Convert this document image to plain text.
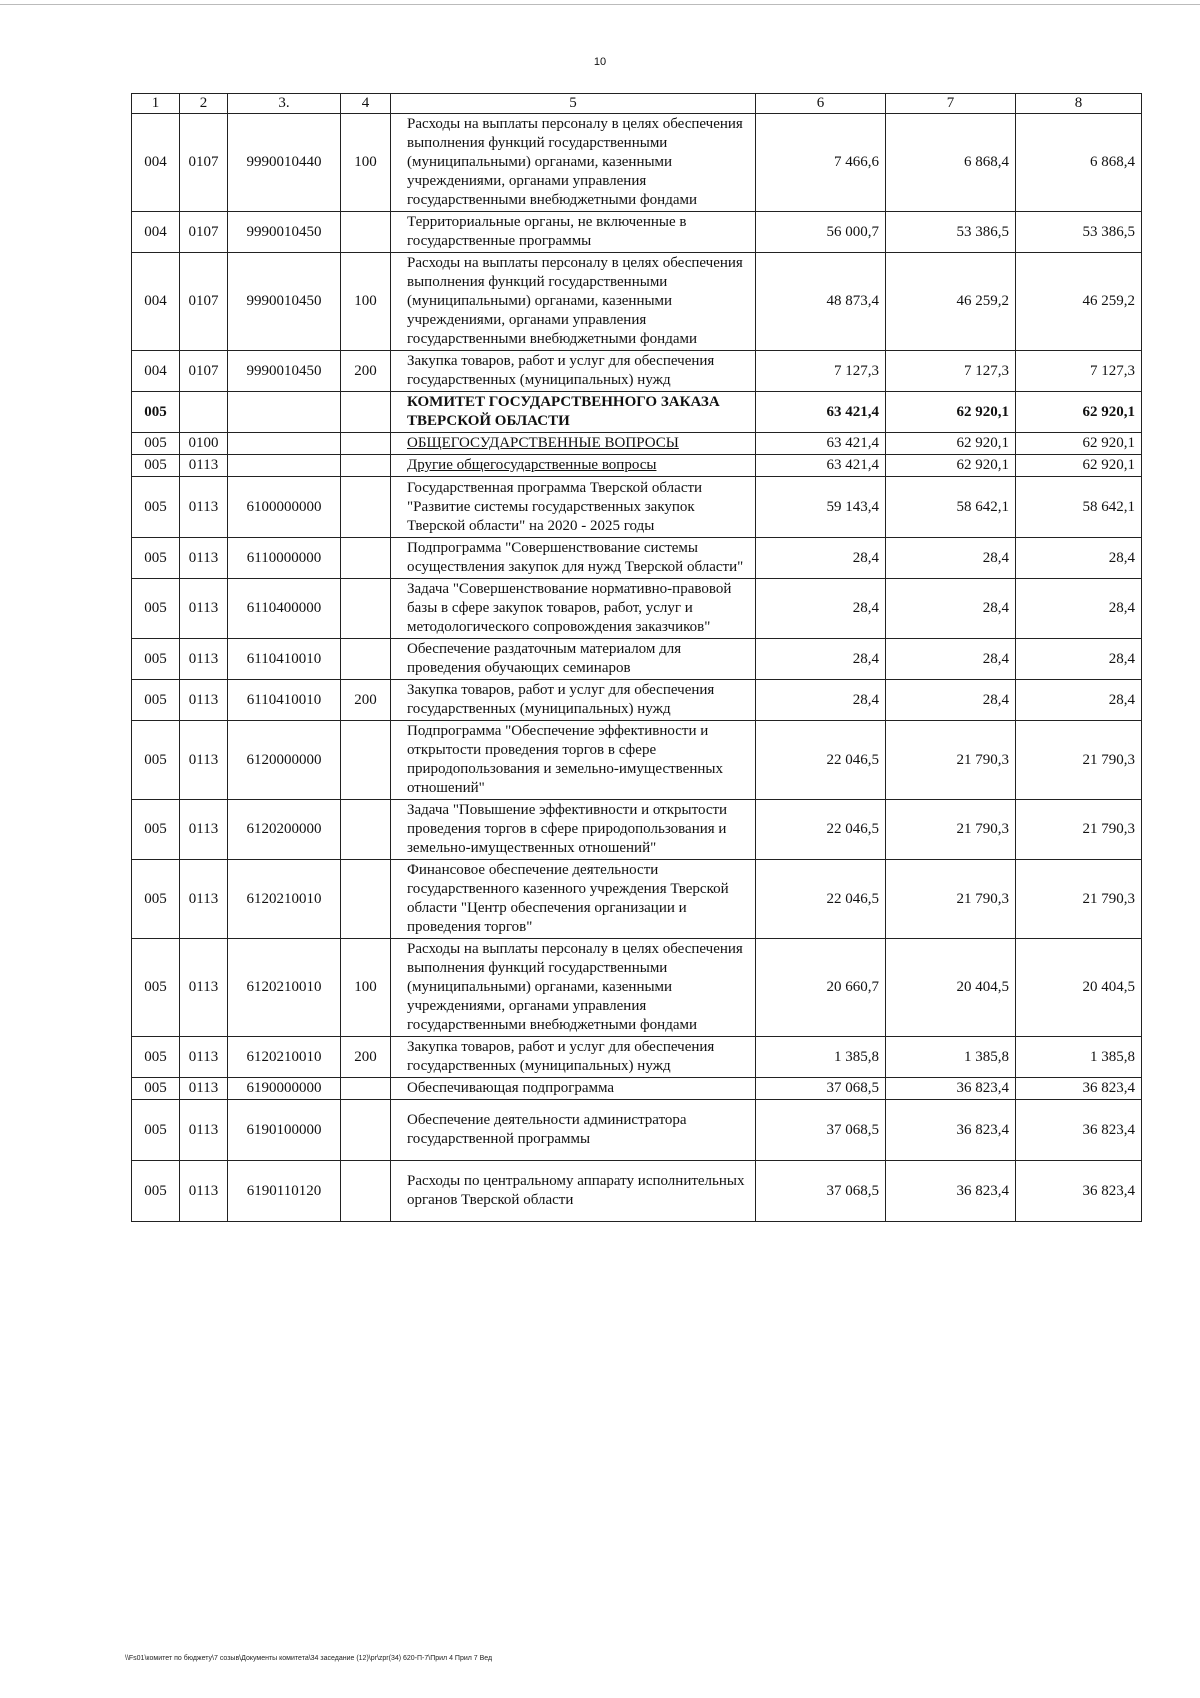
10
1	2	3.	4	5	6	7	8
004	0107	9990010440	100	Расходы на выплаты персоналу в целях обеспечения выполнения функций государственными (муниципальными) органами, казенными учреждениями, органами управления государственными внебюджетными фондами	7 466,6	6 868,4	6 868,4
004	0107	9990010450		Территориальные органы, не включенные в государственные программы	56 000,7	53 386,5	53 386,5
004	0107	9990010450	100	Расходы на выплаты персоналу в целях обеспечения выполнения функций государственными (муниципальными) органами, казенными учреждениями, органами управления государственными внебюджетными фондами	48 873,4	46 259,2	46 259,2
004	0107	9990010450	200	Закупка товаров, работ и услуг для обеспечения государственных (муниципальных) нужд	7 127,3	7 127,3	7 127,3
005				КОМИТЕТ ГОСУДАРСТВЕННОГО ЗАКАЗА ТВЕРСКОЙ ОБЛАСТИ	63 421,4	62 920,1	62 920,1
005	0100			ОБЩЕГОСУДАРСТВЕННЫЕ ВОПРОСЫ	63 421,4	62 920,1	62 920,1
005	0113			Другие общегосударственные вопросы	63 421,4	62 920,1	62 920,1
005	0113	6100000000		Государственная программа Тверской области "Развитие системы государственных закупок Тверской области" на 2020 - 2025 годы	59 143,4	58 642,1	58 642,1
005	0113	6110000000		Подпрограмма "Совершенствование системы осуществления закупок для нужд Тверской области"	28,4	28,4	28,4
005	0113	6110400000		Задача "Совершенствование нормативно-правовой базы в сфере закупок товаров, работ, услуг и методологического сопровождения заказчиков"	28,4	28,4	28,4
005	0113	6110410010		Обеспечение раздаточным материалом для проведения обучающих семинаров	28,4	28,4	28,4
005	0113	6110410010	200	Закупка товаров, работ и услуг для обеспечения государственных (муниципальных) нужд	28,4	28,4	28,4
005	0113	6120000000		Подпрограмма "Обеспечение эффективности и открытости проведения торгов в сфере природопользования и земельно-имущественных отношений"	22 046,5	21 790,3	21 790,3
005	0113	6120200000		Задача "Повышение эффективности и открытости проведения торгов в сфере природопользования и земельно-имущественных отношений"	22 046,5	21 790,3	21 790,3
005	0113	6120210010		Финансовое обеспечение деятельности государственного казенного учреждения Тверской области "Центр обеспечения организации и проведения торгов"	22 046,5	21 790,3	21 790,3
005	0113	6120210010	100	Расходы на выплаты персоналу в целях обеспечения выполнения функций государственными (муниципальными) органами, казенными учреждениями, органами управления государственными внебюджетными фондами	20 660,7	20 404,5	20 404,5
005	0113	6120210010	200	Закупка товаров, работ и услуг для обеспечения государственных (муниципальных) нужд	1 385,8	1 385,8	1 385,8
005	0113	6190000000		Обеспечивающая подпрограмма	37 068,5	36 823,4	36 823,4
005	0113	6190100000		Обеспечение деятельности администратора государственной программы	37 068,5	36 823,4	36 823,4
005	0113	6190110120		Расходы по центральному аппарату исполнительных органов Тверской области	37 068,5	36 823,4	36 823,4
\\Fs01\комитет по бюджету\7 созыв\Документы комитета\34 заседание (12)\pr\zpr(34) 620-П-7\Прил 4 Прил 7 Вед
